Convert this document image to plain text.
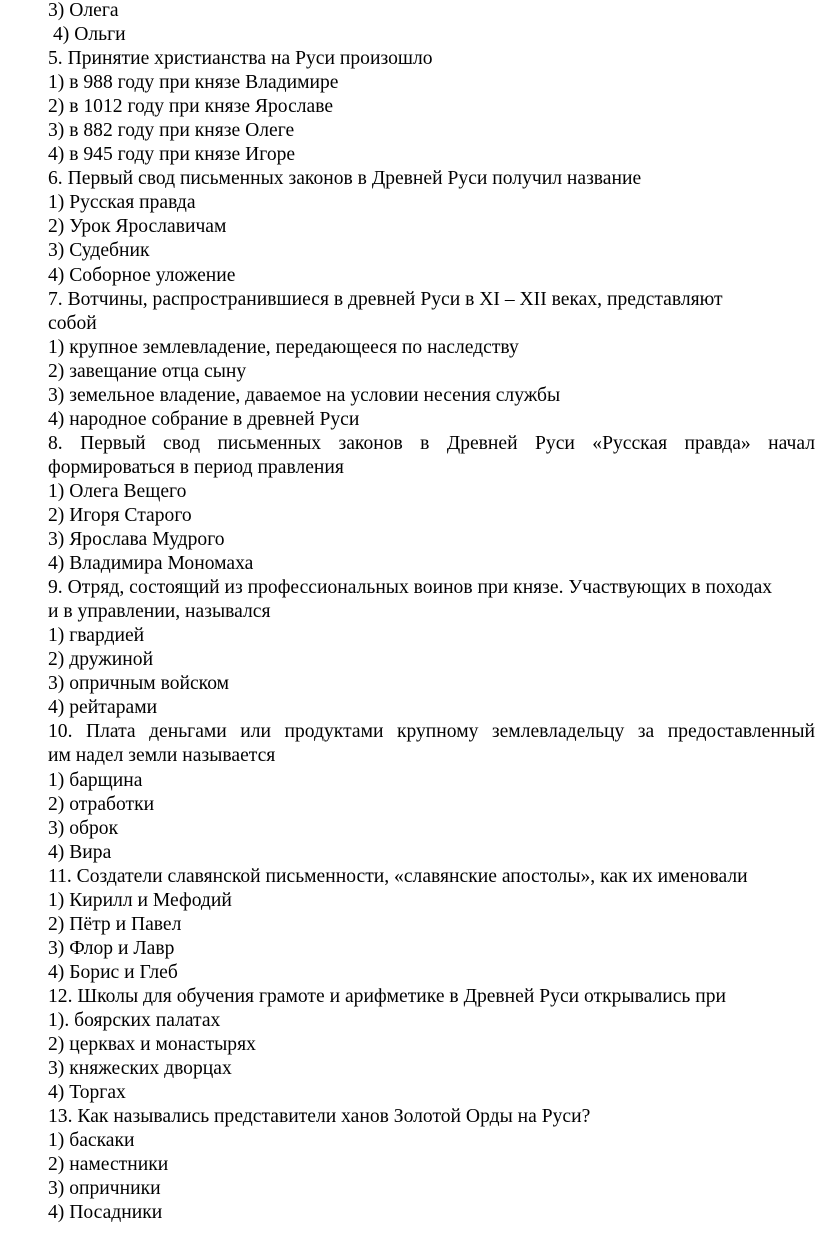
3) Олега
4) Ольги
5. Принятие христианства на Руси произошло
1) в 988 году при князе Владимире
2) в 1012 году при князе Ярославе
3) в 882 году при князе Олеге
4) в 945 году при князе Игоре
6. Первый свод письменных законов в Древней Руси получил название
1) Русская правда
2) Урок Ярославичам
3) Судебник
4) Соборное уложение
7. Вотчины, распространившиеся в древней Руси в XI – XII веках, представляют
собой
1) крупное землевладение, передающееся по наследству
2) завещание отца сыну
3) земельное владение, даваемое на условии несения службы
4) народное собрание в древней Руси
8. Первый свод письменных законов в Древней Руси «Русская правда» начал
формироваться в период правления
1) Олега Вещего
2) Игоря Старого
3) Ярослава Мудрого
4) Владимира Мономаха
9. Отряд, состоящий из профессиональных воинов при князе. Участвующих в походах
и в управлении, назывался
1) гвардией
2) дружиной
3) опричным войском
4) рейтарами
10. Плата деньгами или продуктами крупному землевладельцу за предоставленный
им надел земли называется
1) барщина
2) отработки
3) оброк
4) Вира
11. Создатели славянской письменности, «славянские апостолы», как их именовали
1) Кирилл и Мефодий
2) Пётр и Павел
3) Флор и Лавр
4) Борис и Глеб
12. Школы для обучения грамоте и арифметике в Древней Руси открывались при
1). боярских палатах
2) церквах и монастырях
3) княжеских дворцах
4) Торгах
13. Как назывались представители ханов Золотой Орды на Руси?
1) баскаки
2) наместники
3) опричники
4) Посадники
